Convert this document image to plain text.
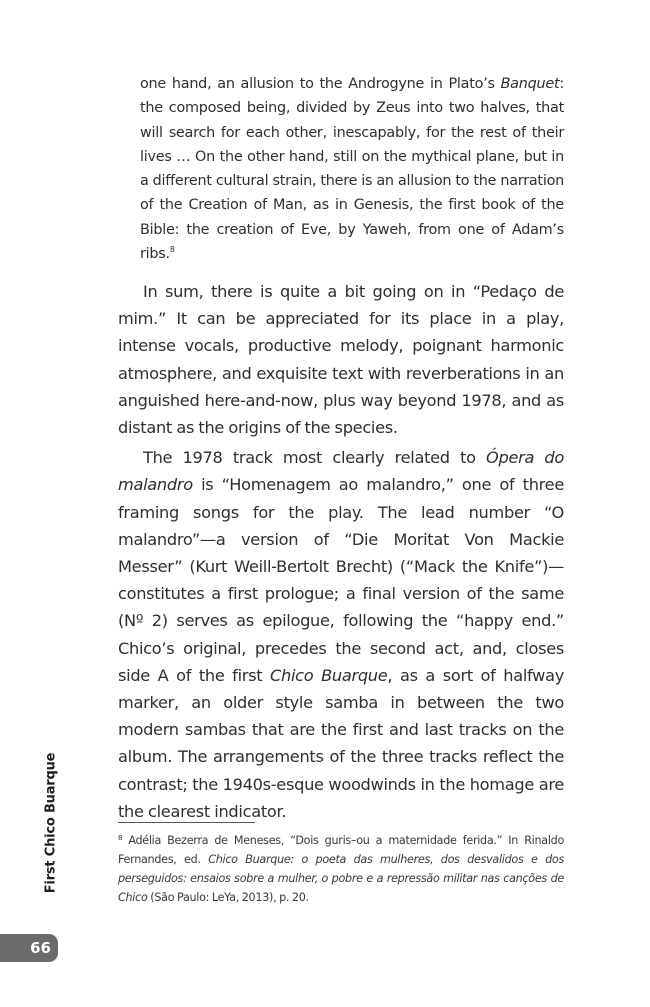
one hand, an allusion to the Androgyne in Plato’s Banquet: the composed being, divided by Zeus into two halves, that will search for each other, inescapably, for the rest of their lives … On the other hand, still on the mythical plane, but in a different cultural strain, there is an allusion to the narration of the Creation of Man, as in Genesis, the first book of the Bible: the creation of Eve, by Yaweh, from one of Adam’s ribs.$^8$

In sum, there is quite a bit going on in “Pedaço de mim.” It can be appreciated for its place in a play, intense vocals, productive melody, poignant harmonic atmosphere, and exquisite text with reverberations in an anguished here-and-now, plus way beyond 1978, and as distant as the origins of the species.

The 1978 track most clearly related to Ópera do malandro is “Homenagem ao malandro,” one of three framing songs for the play. The lead number “O malandro”—a version of “Die Moritat Von Mackie Messer” (Kurt Weill-Bertolt Brecht) (“Mack the Knife”)—constitutes a first prologue; a final version of the same (Nº 2) serves as epilogue, following the “happy end.” Chico’s original, precedes the second act, and, closes side A of the first Chico Buarque, as a sort of halfway marker, an older style samba in between the two modern sambas that are the first and last tracks on the album. The arrangements of the three tracks reflect the contrast; the 1940s-esque woodwinds in the homage are the clearest indicator.

$^8$ Adélia Bezerra de Meneses, “Dois guris–ou a maternidade ferida.” In Rinaldo Fernandes, ed. Chico Buarque: o poeta das mulheres, dos desvalidos e dos perseguidos: ensaios sobre a mulher, o pobre e a repressão militar nas canções de Chico (São Paulo: LeYa, 2013), p. 20.
First Chico Buarque
66
